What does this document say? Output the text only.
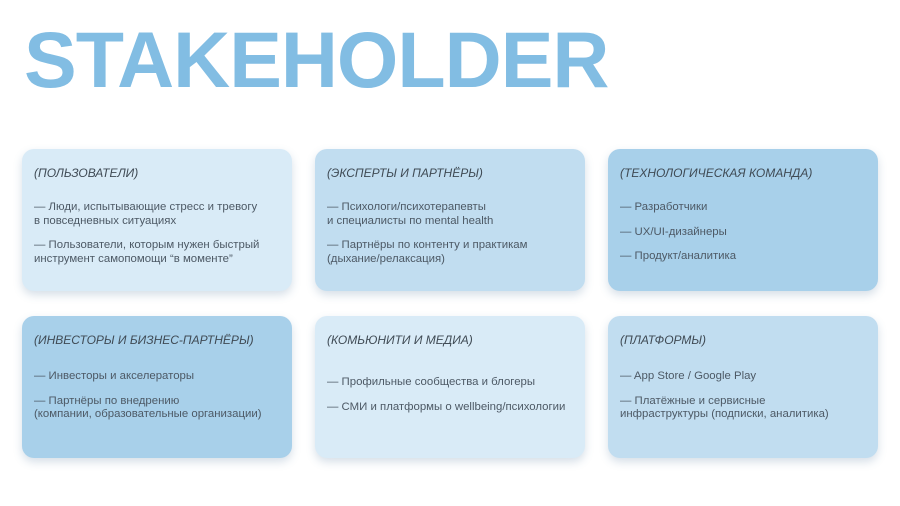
STAKEHOLDER

(ПОЛЬЗОВАТЕЛИ)

— Люди, испытывающие стресс и тревогу
в повседневных ситуациях
— Пользователи, которым нужен быстрый
инструмент самопомощи “в моменте”

(ЭКСПЕРТЫ И ПАРТНЁРЫ)

— Психологи/психотерапевты
и специалисты по mental health
— Партнёры по контенту и практикам
(дыхание/релаксация)

(ТЕХНОЛОГИЧЕСКАЯ КОМАНДА)

— Разработчики
— UX/UI-дизайнеры
— Продукт/аналитика

(ИНВЕСТОРЫ И БИЗНЕС-ПАРТНЁРЫ)

— Инвесторы и акселераторы
— Партнёры по внедрению
(компании, образовательные организации)

(КОМЬЮНИТИ И МЕДИА)

— Профильные сообщества и блогеры
— СМИ и платформы о wellbeing/психологии

(ПЛАТФОРМЫ)

— App Store / Google Play
— Платёжные и сервисные
инфраструктуры (подписки, аналитика)
